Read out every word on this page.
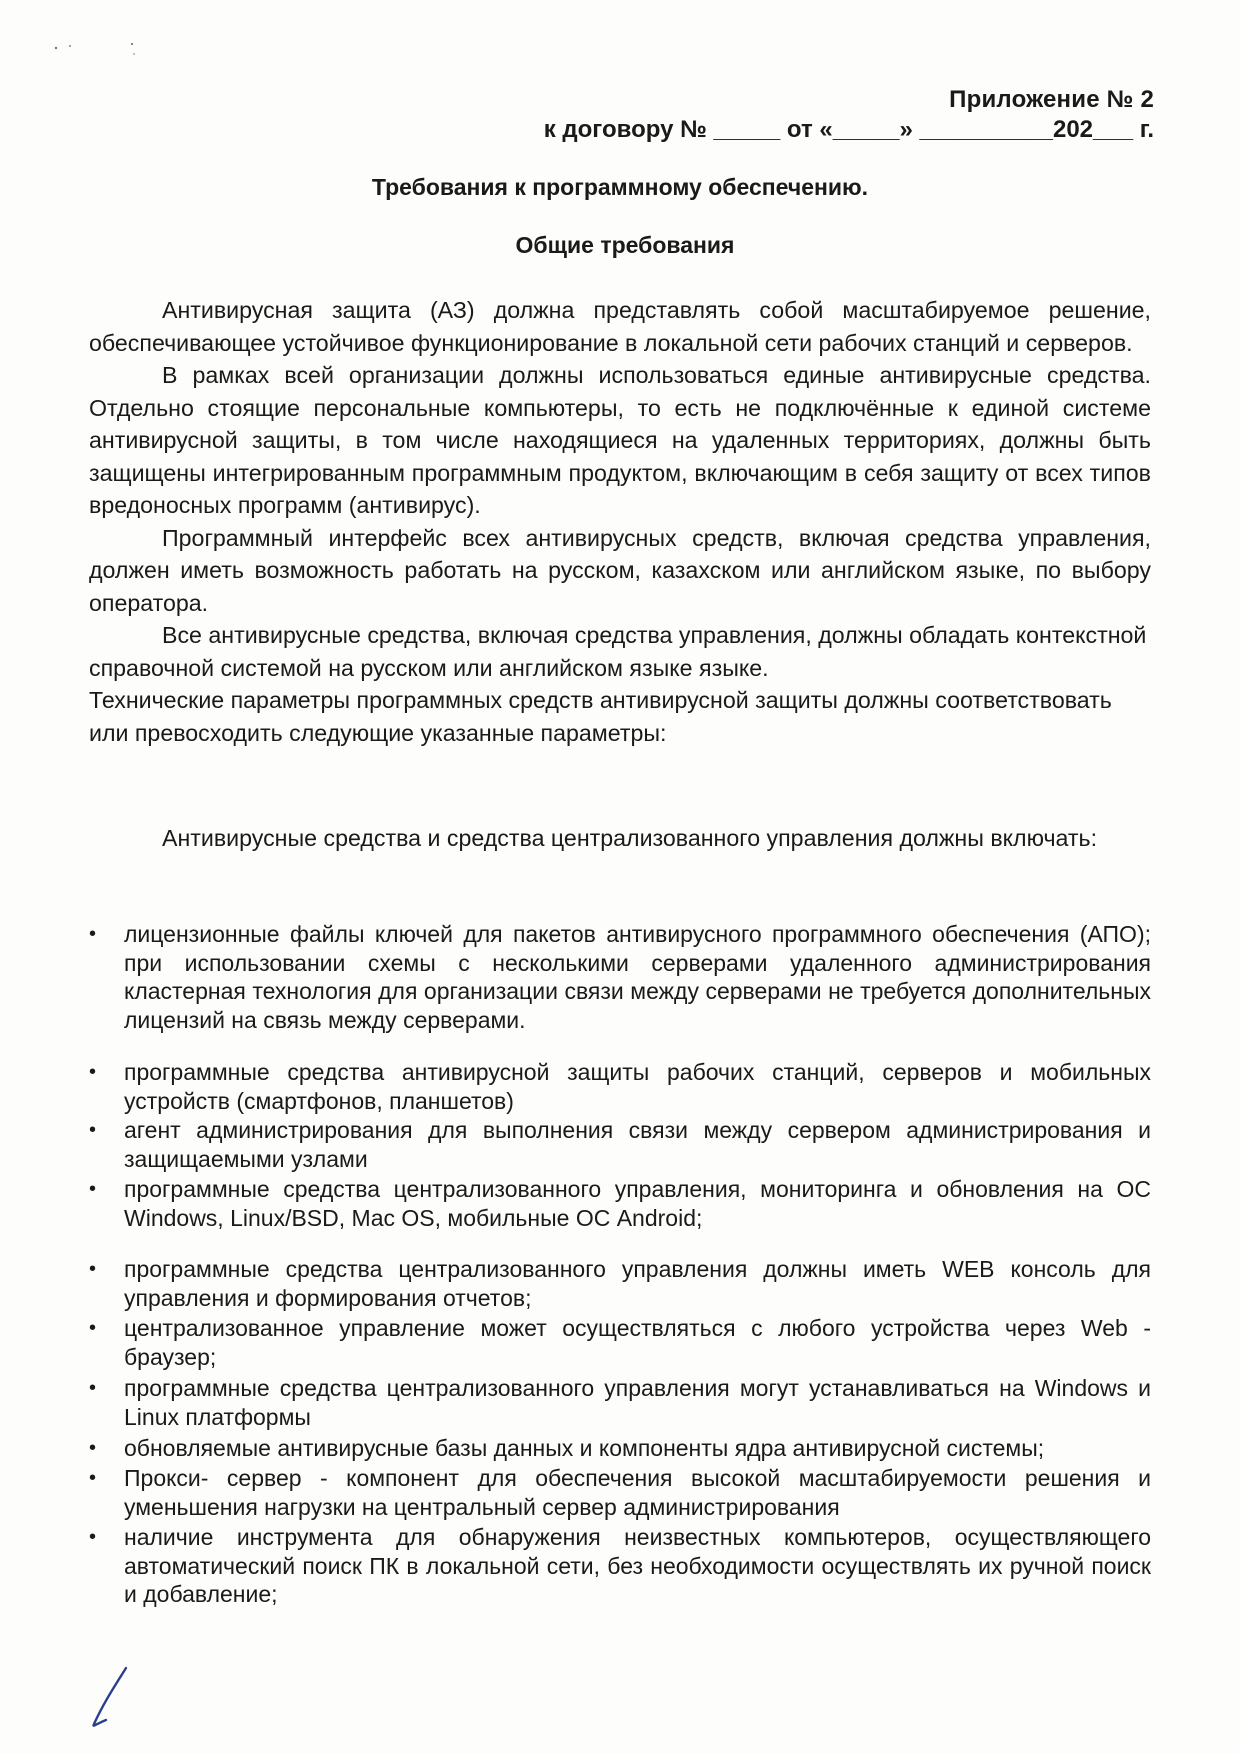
Приложение № 2
к договору № _____ от «_____» __________202___ г.
Требования к программному обеспечению.
Общие требования

Антивирусная защита (АЗ) должна представлять собой масштабируемое решение, обеспечивающее устойчивое функционирование в локальной сети рабочих станций и серверов.

В рамках всей организации должны использоваться единые антивирусные средства. Отдельно стоящие персональные компьютеры, то есть не подключённые к единой системе антивирусной защиты, в том числе находящиеся на удаленных территориях, должны быть защищены интегрированным программным продуктом, включающим в себя защиту от всех типов вредоносных программ (антивирус).

Программный интерфейс всех антивирусных средств, включая средства управления, должен иметь возможность работать на русском, казахском или английском языке, по выбору оператора.

Все антивирусные средства, включая средства управления, должны обладать контекстной справочной системой на русском или английском языке языке.

Технические параметры программных средств антивирусной защиты должны соответствовать или превосходить следующие указанные параметры:

Антивирусные средства и средства централизованного управления должны включать:

•	лицензионные файлы ключей для пакетов антивирусного программного обеспечения (АПО); при использовании схемы с несколькими серверами удаленного администрирования кластерная технология для организации связи между серверами не требуется дополнительных лицензий на связь между серверами.
•	программные средства антивирусной защиты рабочих станций, серверов и мобильных устройств (смартфонов, планшетов)
•	агент администрирования для выполнения связи между сервером администрирования и защищаемыми узлами
•	программные средства централизованного управления, мониторинга и обновления на ОС Windows, Linux/BSD, Mac OS, мобильные ОС Android;
•	программные средства централизованного управления должны иметь WEB консоль для управления и формирования отчетов;
•	централизованное управление может осуществляться с любого устройства через Web - браузер;
•	программные средства централизованного управления могут устанавливаться на Windows и Linux платформы
•	обновляемые антивирусные базы данных и компоненты ядра антивирусной системы;
•	Прокси- сервер - компонент для обеспечения высокой масштабируемости решения и уменьшения нагрузки на центральный сервер администрирования
•	наличие инструмента для обнаружения неизвестных компьютеров, осуществляющего автоматический поиск ПК в локальной сети, без необходимости осуществлять их ручной поиск и добавление;
